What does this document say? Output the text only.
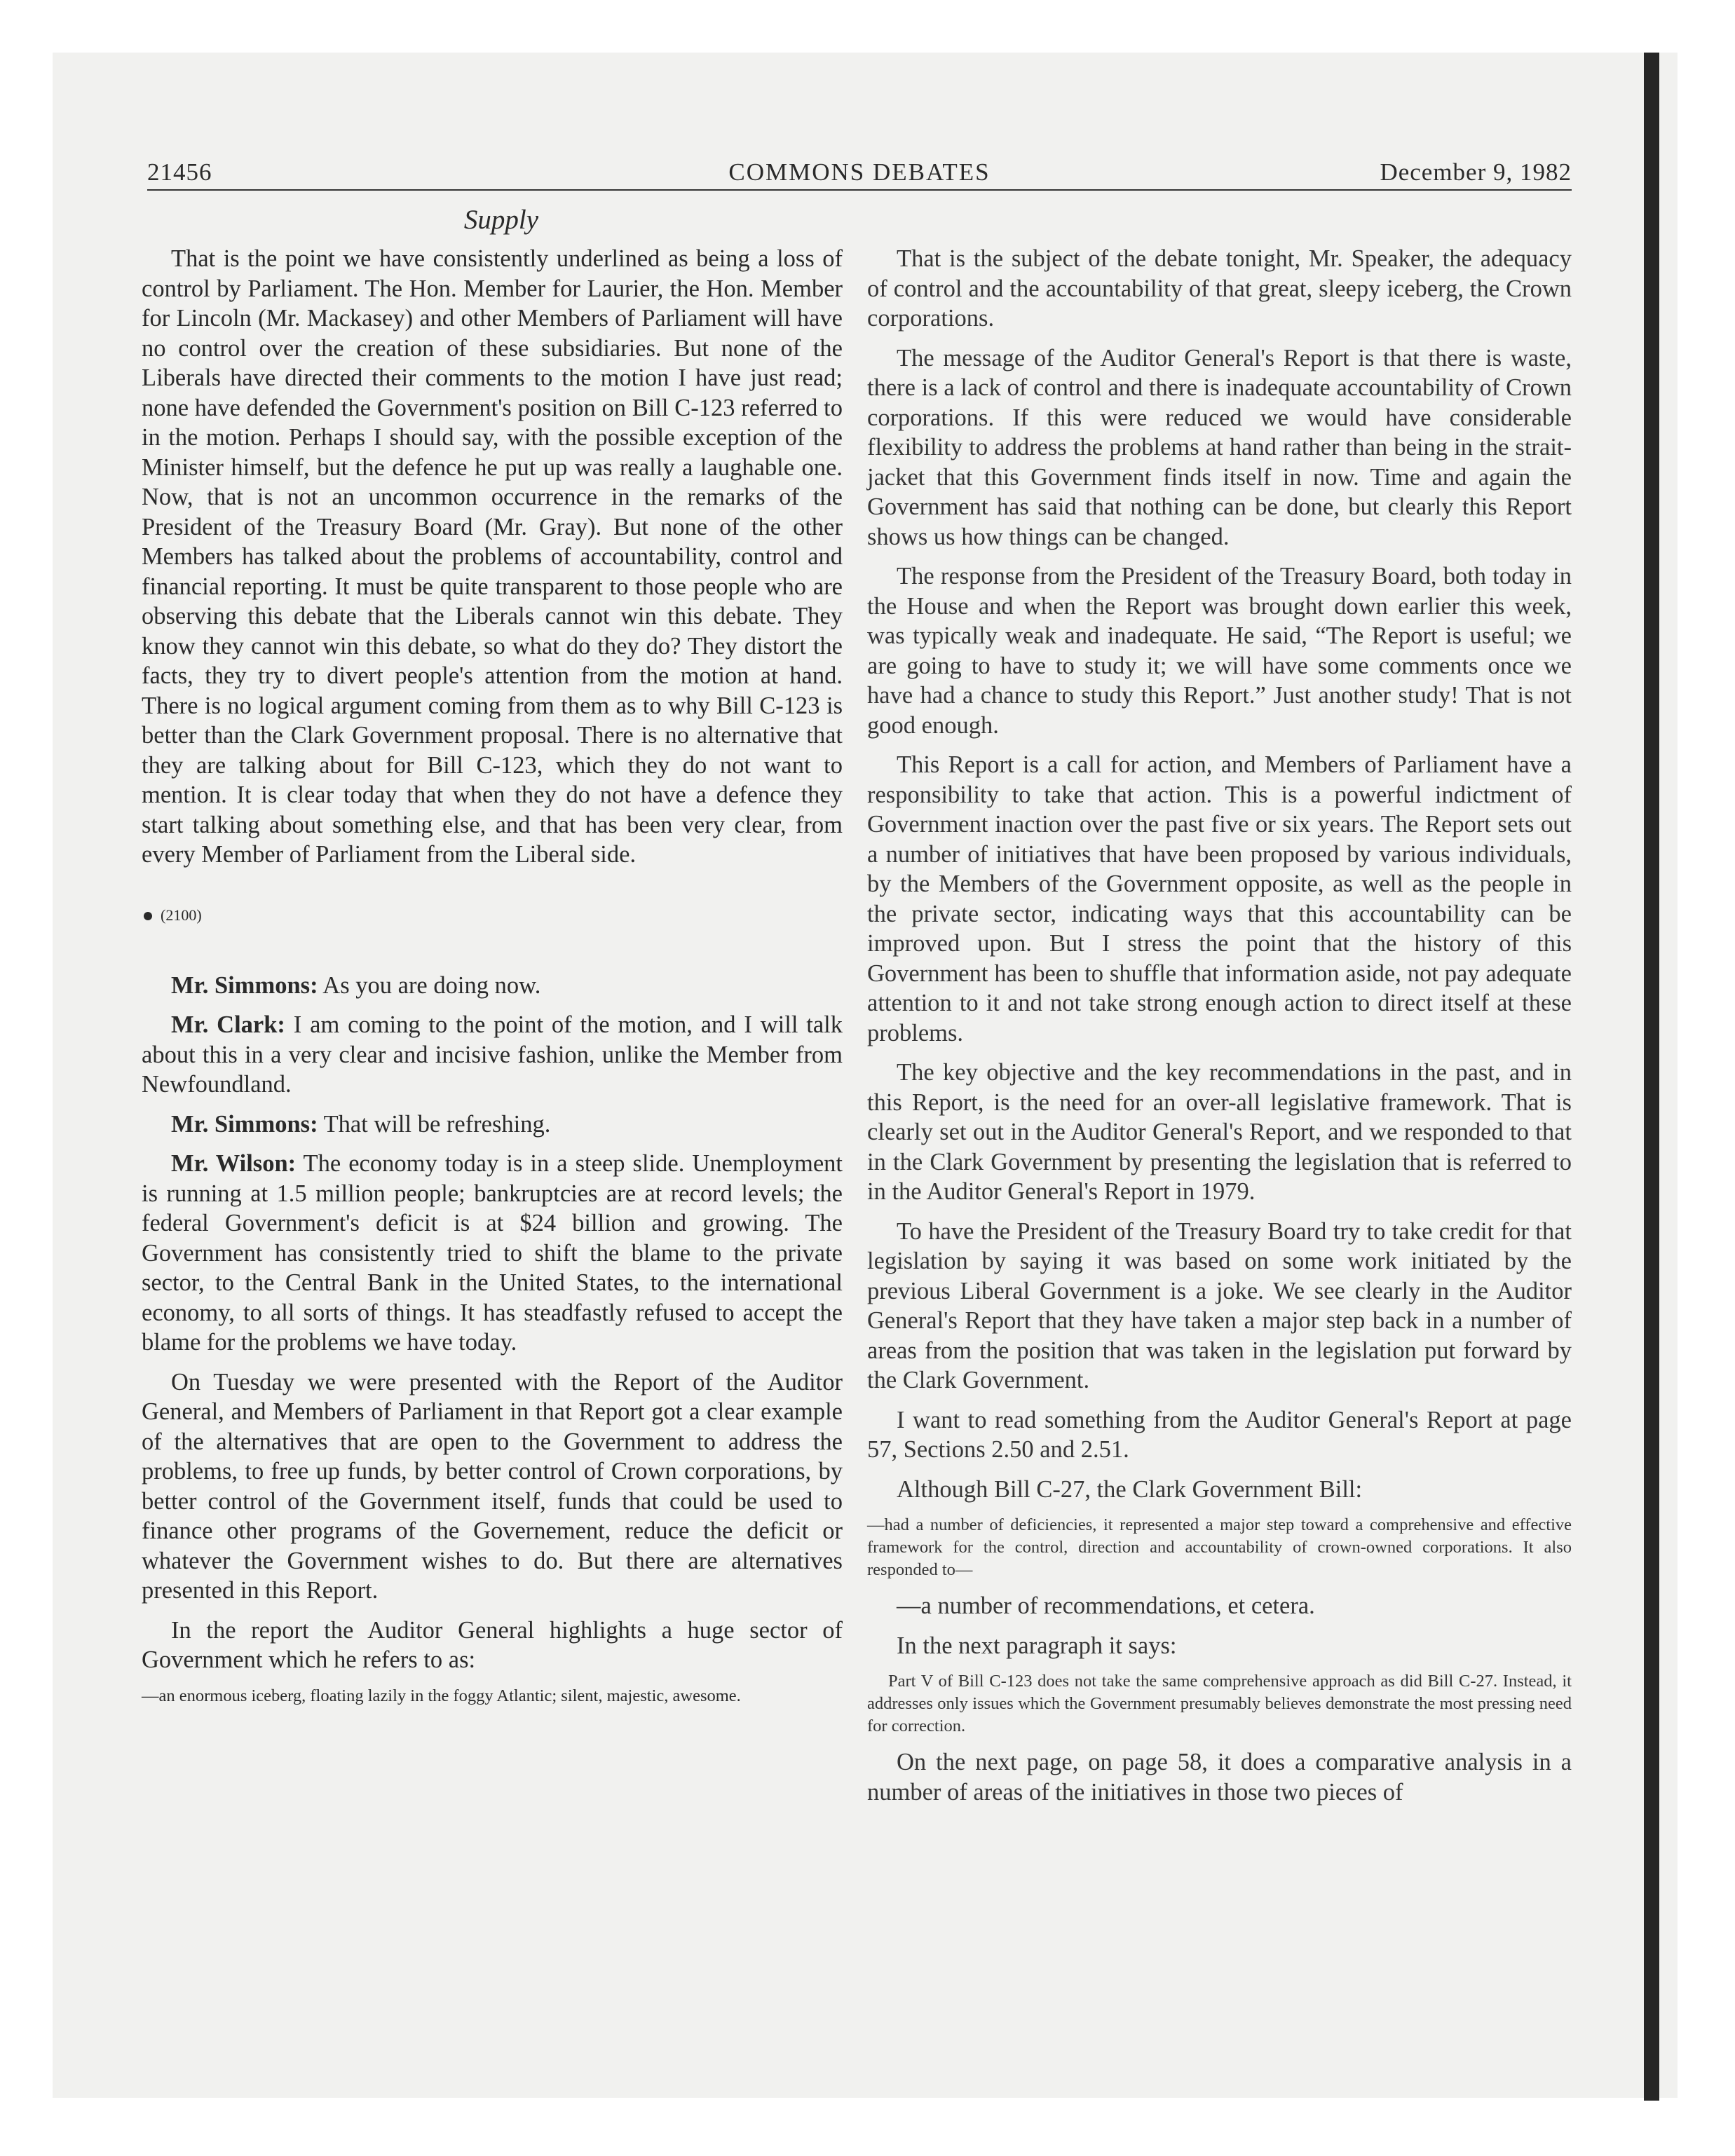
21456	COMMONS DEBATES	December 9, 1982
Supply

That is the point we have consistently underlined as being a loss of control by Parliament. The Hon. Member for Laurier, the Hon. Member for Lincoln (Mr. Mackasey) and other Members of Parliament will have no control over the creation of these subsidiaries. But none of the Liberals have directed their comments to the motion I have just read; none have defended the Government's position on Bill C-123 referred to in the motion. Perhaps I should say, with the possible exception of the Minister himself, but the defence he put up was really a laughable one. Now, that is not an uncommon occurrence in the remarks of the President of the Treasury Board (Mr. Gray). But none of the other Members has talked about the problems of accountability, control and financial reporting. It must be quite transparent to those people who are observing this debate that the Liberals cannot win this debate. They know they cannot win this debate, so what do they do? They distort the facts, they try to divert people's attention from the motion at hand. There is no logical argument coming from them as to why Bill C-123 is better than the Clark Government proposal. There is no alternative that they are talking about for Bill C-123, which they do not want to mention. It is clear today that when they do not have a defence they start talking about something else, and that has been very clear, from every Member of Parliament from the Liberal side.

(2100)

Mr. Simmons: As you are doing now.

Mr. Clark: I am coming to the point of the motion, and I will talk about this in a very clear and incisive fashion, unlike the Member from Newfoundland.

Mr. Simmons: That will be refreshing.

Mr. Wilson: The economy today is in a steep slide. Unemployment is running at 1.5 million people; bankruptcies are at record levels; the federal Government's deficit is at $24 billion and growing. The Government has consistently tried to shift the blame to the private sector, to the Central Bank in the United States, to the international economy, to all sorts of things. It has steadfastly refused to accept the blame for the problems we have today.

On Tuesday we were presented with the Report of the Auditor General, and Members of Parliament in that Report got a clear example of the alternatives that are open to the Government to address the problems, to free up funds, by better control of Crown corporations, by better control of the Government itself, funds that could be used to finance other programs of the Governement, reduce the deficit or whatever the Government wishes to do. But there are alternatives presented in this Report.

In the report the Auditor General highlights a huge sector of Government which he refers to as:

—an enormous iceberg, floating lazily in the foggy Atlantic; silent, majestic, awesome.

That is the subject of the debate tonight, Mr. Speaker, the adequacy of control and the accountability of that great, sleepy iceberg, the Crown corporations.

The message of the Auditor General's Report is that there is waste, there is a lack of control and there is inadequate accountability of Crown corporations. If this were reduced we would have considerable flexibility to address the problems at hand rather than being in the strait-jacket that this Government finds itself in now. Time and again the Government has said that nothing can be done, but clearly this Report shows us how things can be changed.

The response from the President of the Treasury Board, both today in the House and when the Report was brought down earlier this week, was typically weak and inadequate. He said, “The Report is useful; we are going to have to study it; we will have some comments once we have had a chance to study this Report.” Just another study! That is not good enough.

This Report is a call for action, and Members of Parliament have a responsibility to take that action. This is a powerful indictment of Government inaction over the past five or six years. The Report sets out a number of initiatives that have been proposed by various individuals, by the Members of the Government opposite, as well as the people in the private sector, indicating ways that this accountability can be improved upon. But I stress the point that the history of this Government has been to shuffle that information aside, not pay adequate attention to it and not take strong enough action to direct itself at these problems.

The key objective and the key recommendations in the past, and in this Report, is the need for an over-all legislative framework. That is clearly set out in the Auditor General's Report, and we responded to that in the Clark Government by presenting the legislation that is referred to in the Auditor General's Report in 1979.

To have the President of the Treasury Board try to take credit for that legislation by saying it was based on some work initiated by the previous Liberal Government is a joke. We see clearly in the Auditor General's Report that they have taken a major step back in a number of areas from the position that was taken in the legislation put forward by the Clark Government.

I want to read something from the Auditor General's Report at page 57, Sections 2.50 and 2.51.

Although Bill C-27, the Clark Government Bill:

—had a number of deficiencies, it represented a major step toward a comprehensive and effective framework for the control, direction and accountability of crown-owned corporations. It also responded to—

—a number of recommendations, et cetera.

In the next paragraph it says:

Part V of Bill C-123 does not take the same comprehensive approach as did Bill C-27. Instead, it addresses only issues which the Government presumably believes demonstrate the most pressing need for correction.

On the next page, on page 58, it does a comparative analysis in a number of areas of the initiatives in those two pieces of
